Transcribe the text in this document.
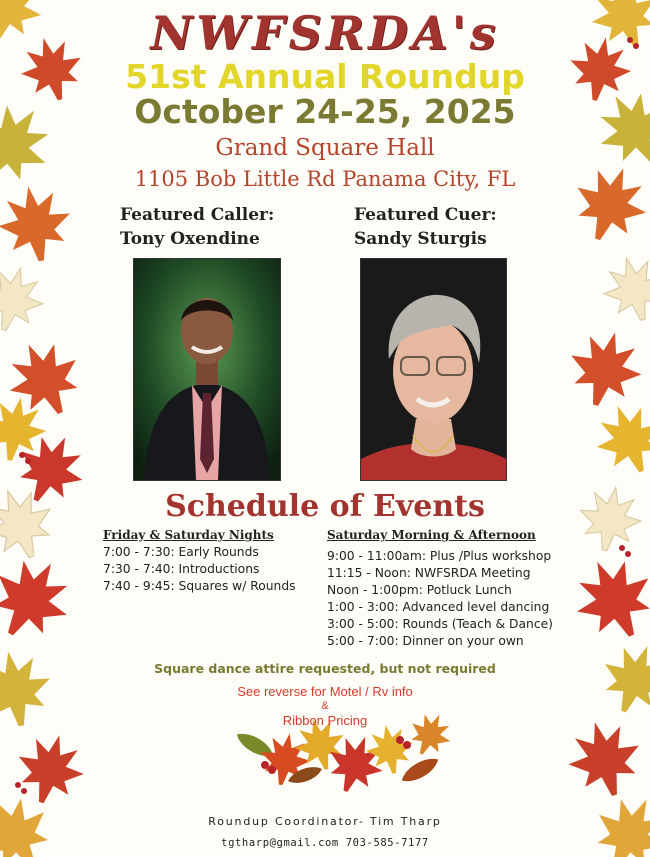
NWFSRDA's
51st Annual Roundup
October 24-25, 2025
Grand Square Hall
1105 Bob Little Rd Panama City, FL
Featured Caller:
Tony Oxendine
Featured Cuer:
Sandy Sturgis
Schedule of Events
Friday & Saturday Nights
7:00 - 7:30: Early Rounds
7:30 - 7:40: Introductions
7:40 - 9:45: Squares w/ Rounds
Saturday Morning & Afternoon
9:00 - 11:00am: Plus /Plus workshop
11:15 - Noon: NWFSRDA Meeting
Noon - 1:00pm: Potluck Lunch
1:00 - 3:00: Advanced level dancing
3:00 - 5:00: Rounds (Teach & Dance)
5:00 - 7:00: Dinner on your own
Square dance attire requested, but not required
See reverse for Motel / Rv info
&
Ribbon Pricing
Roundup Coordinator- Tim Tharp
tgtharp@gmail.com 703-585-7177
